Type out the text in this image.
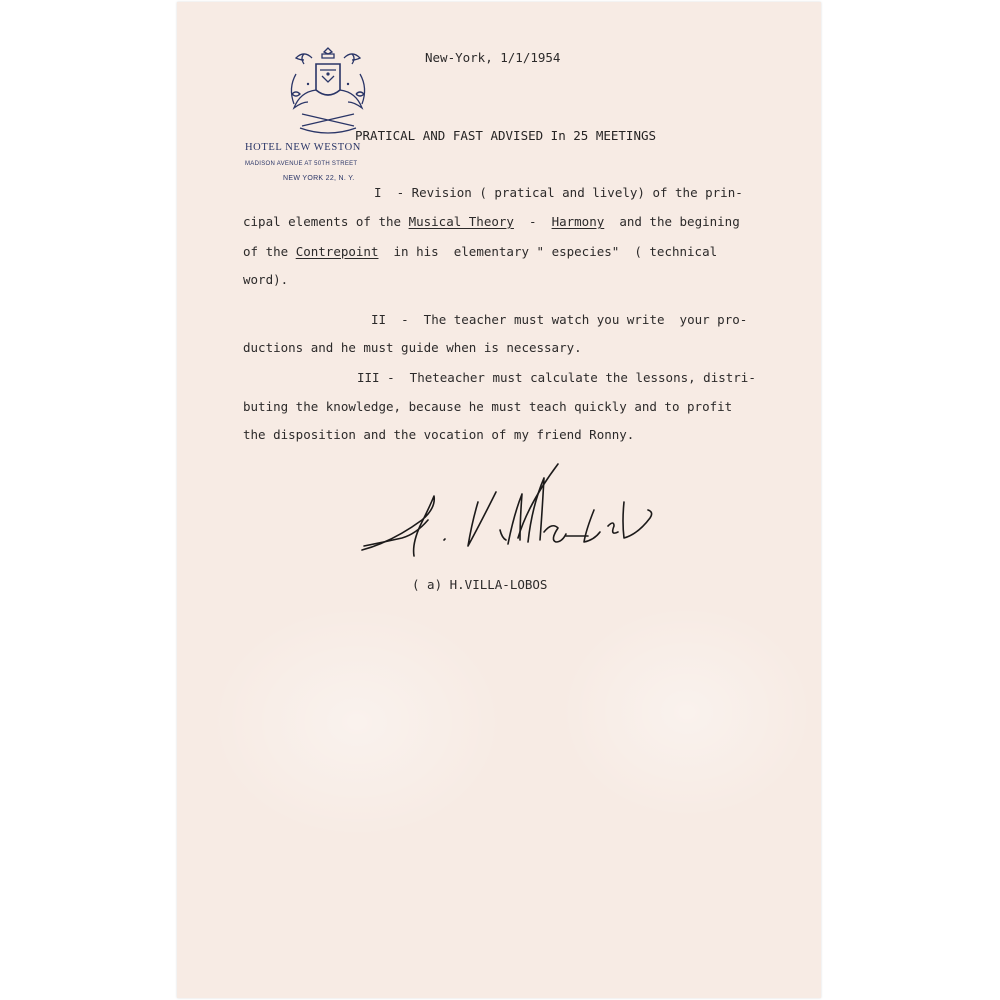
HOTEL NEW WESTON
MADISON AVENUE AT 50TH STREET
NEW YORK 22, N. Y.
New-York, 1/1/1954
PRATICAL AND FAST ADVISED In 25 MEETINGS
I  - Revision ( pratical and lively) of the prin-
cipal elements of the Musical Theory  -  Harmony  and the begining
of the Contrepoint  in his  elementary " especies"  ( technical
word).
II  -  The teacher must watch you write  your pro-
ductions and he must guide when is necessary.
III -  Theteacher must calculate the lessons, distri-
buting the knowledge, because he must teach quickly and to profit
the disposition and the vocation of my friend Ronny.
( a) H.VILLA-LOBOS
